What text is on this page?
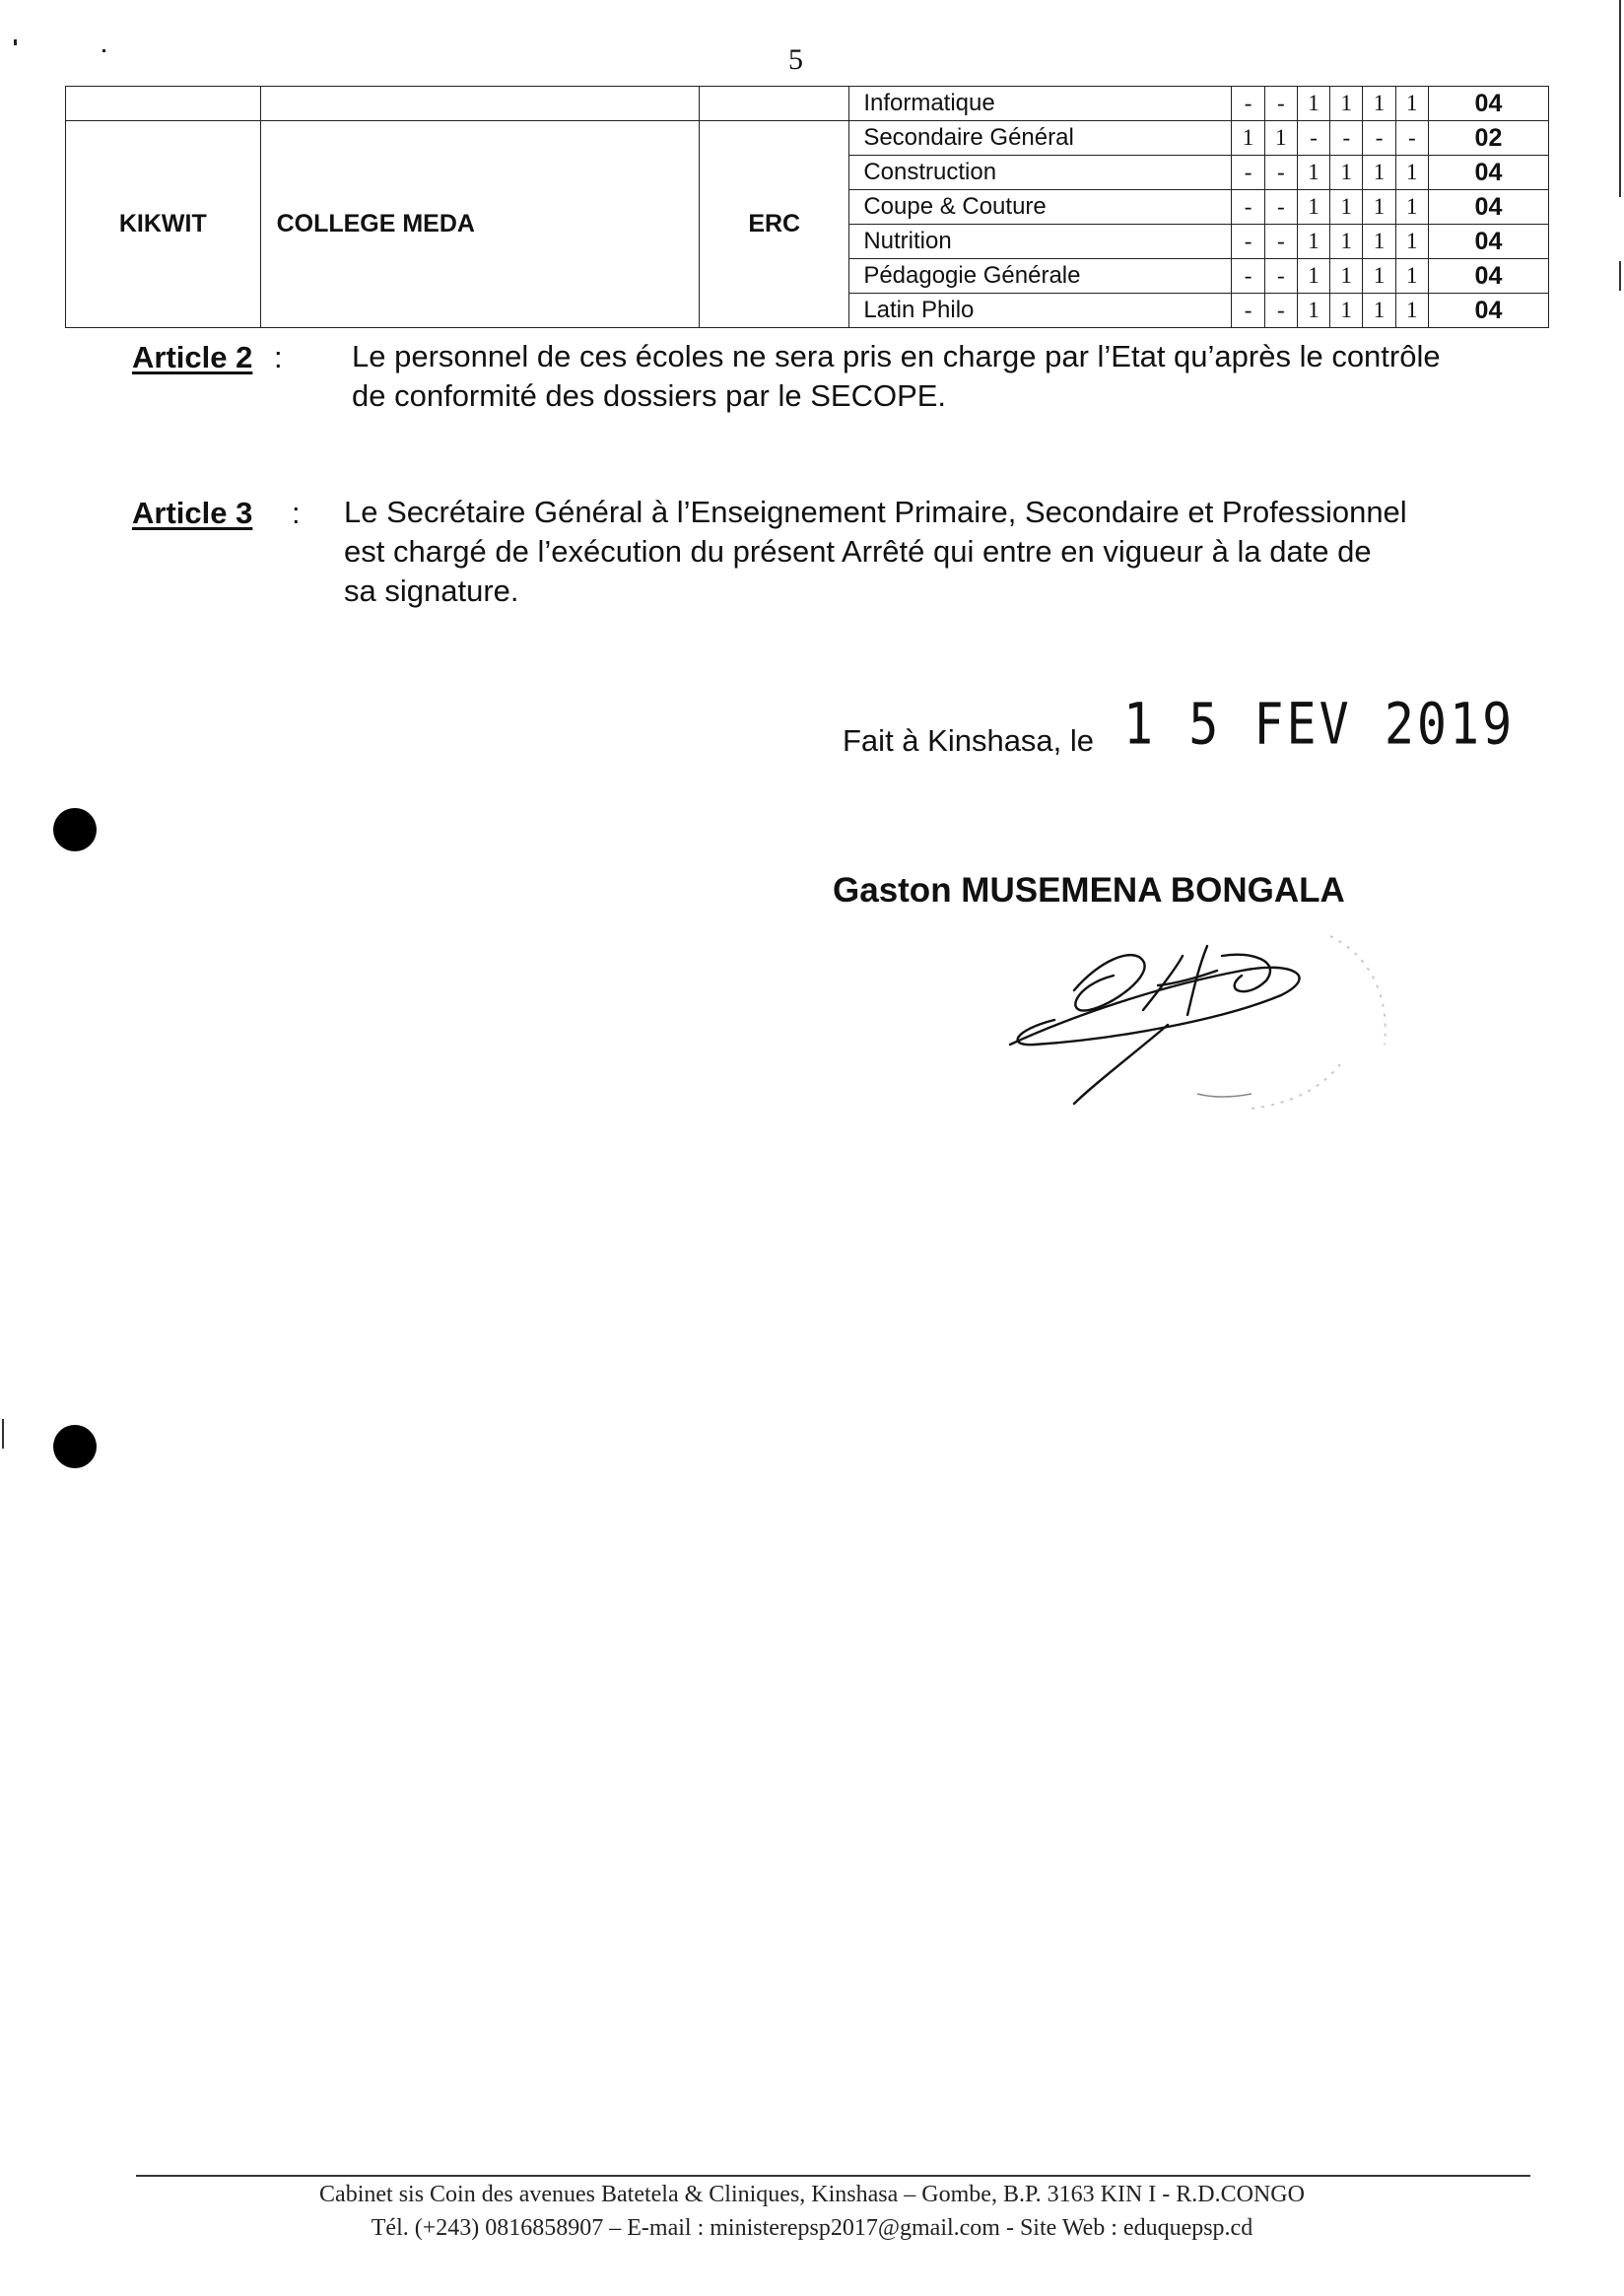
5
			Informatique	-	-	1	1	1	1	04
KIKWIT	COLLEGE MEDA	ERC	Secondaire Général	1	1	-	-	-	-	02
			Construction	-	-	1	1	1	1	04
			Coupe & Couture	-	-	1	1	1	1	04
			Nutrition	-	-	1	1	1	1	04
			Pédagogie Générale	-	-	1	1	1	1	04
			Latin Philo	-	-	1	1	1	1	04
Article 2 : Le personnel de ces écoles ne sera pris en charge par l’Etat qu’après le contrôle
de conformité des dossiers par le SECOPE.
Article 3 : Le Secrétaire Général à l’Enseignement Primaire, Secondaire et Professionnel
est chargé de l’exécution du présent Arrêté qui entre en vigueur à la date de
sa signature.
Fait à Kinshasa, le 1 5 FEV 2019
Gaston MUSEMENA BONGALA
Cabinet sis Coin des avenues Batetela & Cliniques, Kinshasa – Gombe, B.P. 3163 KIN I - R.D.CONGO
Tél. (+243) 0816858907 – E-mail : ministerepsp2017@gmail.com - Site Web : eduquepsp.cd
